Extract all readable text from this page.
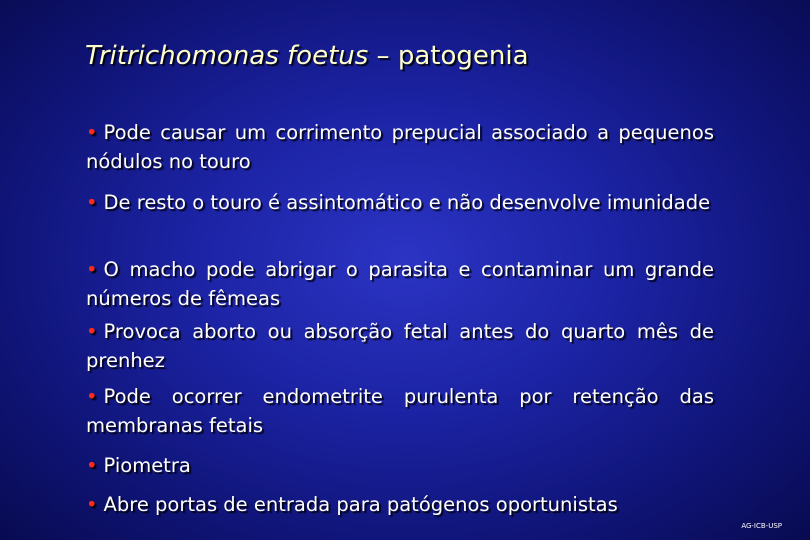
Tritrichomonas foetus – patogenia

• Pode causar um corrimento prepucial associado a pequenos nódulos no touro

• De resto o touro é assintomático e não desenvolve imunidade

• O macho pode abrigar o parasita e contaminar um grande números de fêmeas

• Provoca aborto ou absorção fetal antes do quarto mês de prenhez

• Pode ocorrer endometrite purulenta por retenção das membranas fetais

• Piometra

• Abre portas de entrada para patógenos oportunistas

AG-ICB-USP
